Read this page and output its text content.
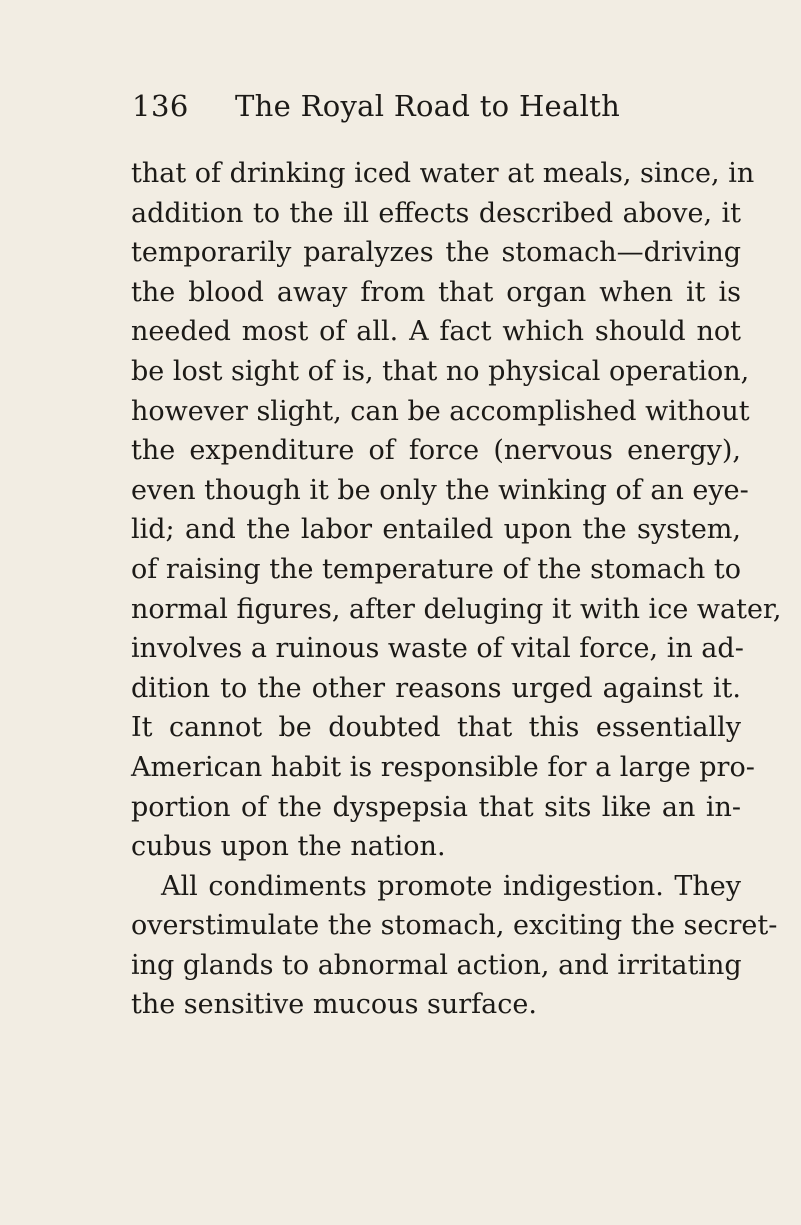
136 The Royal Road to Health
that of drinking iced water at meals, since, in
addition to the ill effects described above, it
temporarily paralyzes the stomach—driving
the blood away from that organ when it is
needed most of all. A fact which should not
be lost sight of is, that no physical operation,
however slight, can be accomplished without
the expenditure of force (nervous energy),
even though it be only the winking of an eye-
lid; and the labor entailed upon the system,
of raising the temperature of the stomach to
normal figures, after deluging it with ice water,
involves a ruinous waste of vital force, in ad-
dition to the other reasons urged against it.
It cannot be doubted that this essentially
American habit is responsible for a large pro-
portion of the dyspepsia that sits like an in-
cubus upon the nation.
All condiments promote indigestion. They
overstimulate the stomach, exciting the secret-
ing glands to abnormal action, and irritating
the sensitive mucous surface.
